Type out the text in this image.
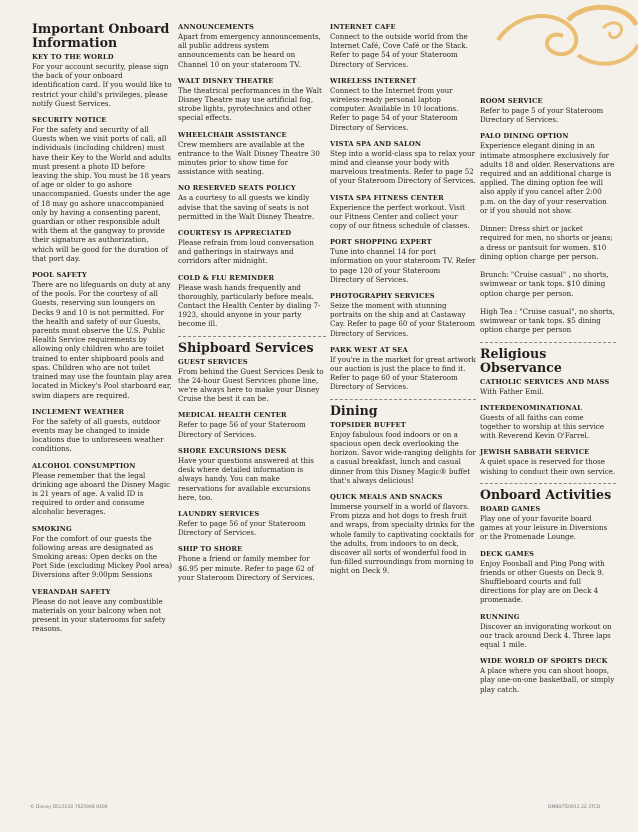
Important Onboard Information

KEY TO THE WORLD

For your account security, please sign the back of your onboard identification card. If you would like to restrict your child's privileges, please notify Guest Services.

SECURITY NOTICE

For the safety and security of all Guests when we visit ports of call, all individuals (including children) must have their Key to the World and adults must present a photo ID before leaving the ship. You must be 18 years of age or older to go ashore unaccompanied. Guests under the age of 18 may go ashore unaccompanied only by having a consenting parent, guardian or other responsible adult with them at the gangway to provide their signature as authorization, which will be good for the duration of that port day.

POOL SAFETY

There are no lifeguards on duty at any of the pools. For the courtesy of all Guests, reserving sun loungers on Decks 9 and 10 is not permitted. For the health and safety of our Guests, parents must observe the U.S. Public Health Service requirements by allowing only children who are toilet trained to enter shipboard pools and spas. Children who are not toilet trained may use the fountain play area located in Mickey's Pool starboard ear, swim diapers are required.

INCLEMENT WEATHER

For the safety of all guests, outdoor events may be changed to inside locations due to unforeseen weather conditions.

ALCOHOL CONSUMPTION

Please remember that the legal drinking age aboard the Disney Magic is 21 years of age. A valid ID is required to order and consume alcoholic beverages.

SMOKING

For the comfort of our guests the following areas are designated as Smoking areas: Open decks on the Port Side (excluding Mickey Pool area) Diversions after 9:00pm Sessions

VERANDAH SAFETY

Please do not leave any combustible materials on your balcony when not present in your staterooms for safety reasons.

ANNOUNCEMENTS

Apart from emergency announcements, all public address system announcements can be heard on Channel 10 on your stateroom TV.

WALT DISNEY THEATRE

The theatrical performances in the Walt Disney Theatre may use artificial fog, strobe lights, pyrotechnics and other special effects.

WHEELCHAIR ASSISTANCE

Crew members are available at the entrance to the Walt Disney Theatre 30 minutes prior to show time for assistance with seating.

NO RESERVED SEATS POLICY

As a courtesy to all guests we kindly advise that the saving of seats is not permitted in the Walt Disney Theatre.

COURTESY IS APPRECIATED

Please refrain from loud conversation and gatherings in stairways and corridors after midnight.

COLD & FLU REMINDER

Please wash hands frequently and thoroughly, particularly before meals. Contact the Health Center by dialing 7-1923, should anyone in your party become ill.

Shipboard Services

GUEST SERVICES

From behind the Guest Services Desk to the 24-hour Guest Services phone line, we're always here to make your Disney Cruise the best it can be.

MEDICAL HEALTH CENTER

Refer to page 56 of your Stateroom Directory of Services.

SHORE EXCURSIONS DESK

Have your questions answered at this desk where detailed information is always handy. You can make reservations for available excursions here, too.

LAUNDRY SERVICES

Refer to page 56 of your Stateroom Directory of Services.

SHIP TO SHORE

Phone a friend or family member for $6.95 per minute. Refer to page 62 of your Stateroom Directory of Services.

INTERNET CAFE

Connect to the outside world from the Internet Café, Cove Café or the Stack. Refer to page 54 of your Stateroom Directory of Services.

WIRELESS INTERNET

Connect to the Internet from your wireless-ready personal laptop computer. Available in 10 locations. Refer to page 54 of your Stateroom Directory of Services.

VISTA SPA AND SALON

Step into a world-class spa to relax your mind and cleanse your body with marvelous treatments. Refer to page 52 of your Stateroom Directory of Services.

VISTA SPA FITNESS CENTER

Experience the perfect workout. Visit our Fitness Center and collect your copy of our fitness schedule of classes.

PORT SHOPPING EXPERT

Tune into channel 14 for port information on your stateroom TV. Refer to page 120 of your Stateroom Directory of Services.

PHOTOGRAPHY SERVICES

Seize the moment with stunning portraits on the ship and at Castaway Cay. Refer to page 60 of your Stateroom Directory of Services.

PARK WEST AT SEA

If you're in the market for great artwork our auction is just the place to find it. Refer to page 60 of your Stateroom Directory of Services.

Dining

TOPSIDER BUFFET

Enjoy fabulous food indoors or on a spacious open deck overlooking the horizon. Savor wide-ranging delights for a casual breakfast, lunch and casual dinner from this Disney Magic® buffet that's always delicious!

QUICK MEALS AND SNACKS

Immerse yourself in a world of flavors. From pizza and hot dogs to fresh fruit and wraps, from specialty drinks for the whole family to captivating cocktails for the adults, from indoors to on deck, discover all sorts of wonderful food in fun-filled surroundings from morning to night on Deck 9.

ROOM SERVICE

Refer to page 5 of your Stateroom Directory of Services.

PALO DINING OPTION

Experience elegant dining in an intimate atmosphere exclusively for adults 18 and older. Reservations are required and an additional charge is applied. The dining option fee will also apply if you cancel after 2:00 p.m. on the day of your reservation or if you should not show.

Dinner: Dress shirt or jacket required for men, no shorts or jeans; a dress or pantsuit for women. $10 dining option charge per person.

Brunch: "Cruise casual" , no shorts, swimwear or tank tops. $10 dining option charge per person.

High Tea : "Cruise casual", no shorts, swimwear or tank tops. $5 dining option charge per person

Religious Observance

CATHOLIC SERVICES AND MASS

With Father Emil.

INTERDENOMINATIONAL

Guests of all faiths can come together to worship at this service with Reverend Kevin O'Farrel.

JEWISH SABBATH SERVICE

A quiet space is reserved for those wishing to conduct their own service.

Onboard Activities

BOARD GAMES

Play one of your favorite board games at your leisure in Diversions or the Promenade Lounge.

DECK GAMES

Enjoy Foosball and Ping Pong with friends or other Guests on Deck 9. Shuffleboard courts and full directions for play are on Deck 4 promenade.

RUNNING

Discover an invigorating workout on our track around Deck 4. Three laps equal 1 mile.

WIDE WORLD OF SPORTS DECK

A place where you can shoot hoops, play one-on-one basketball, or simply play catch.

© Disney DCL5110 7625948 0406	DM80/TE0912.22.3TCD
